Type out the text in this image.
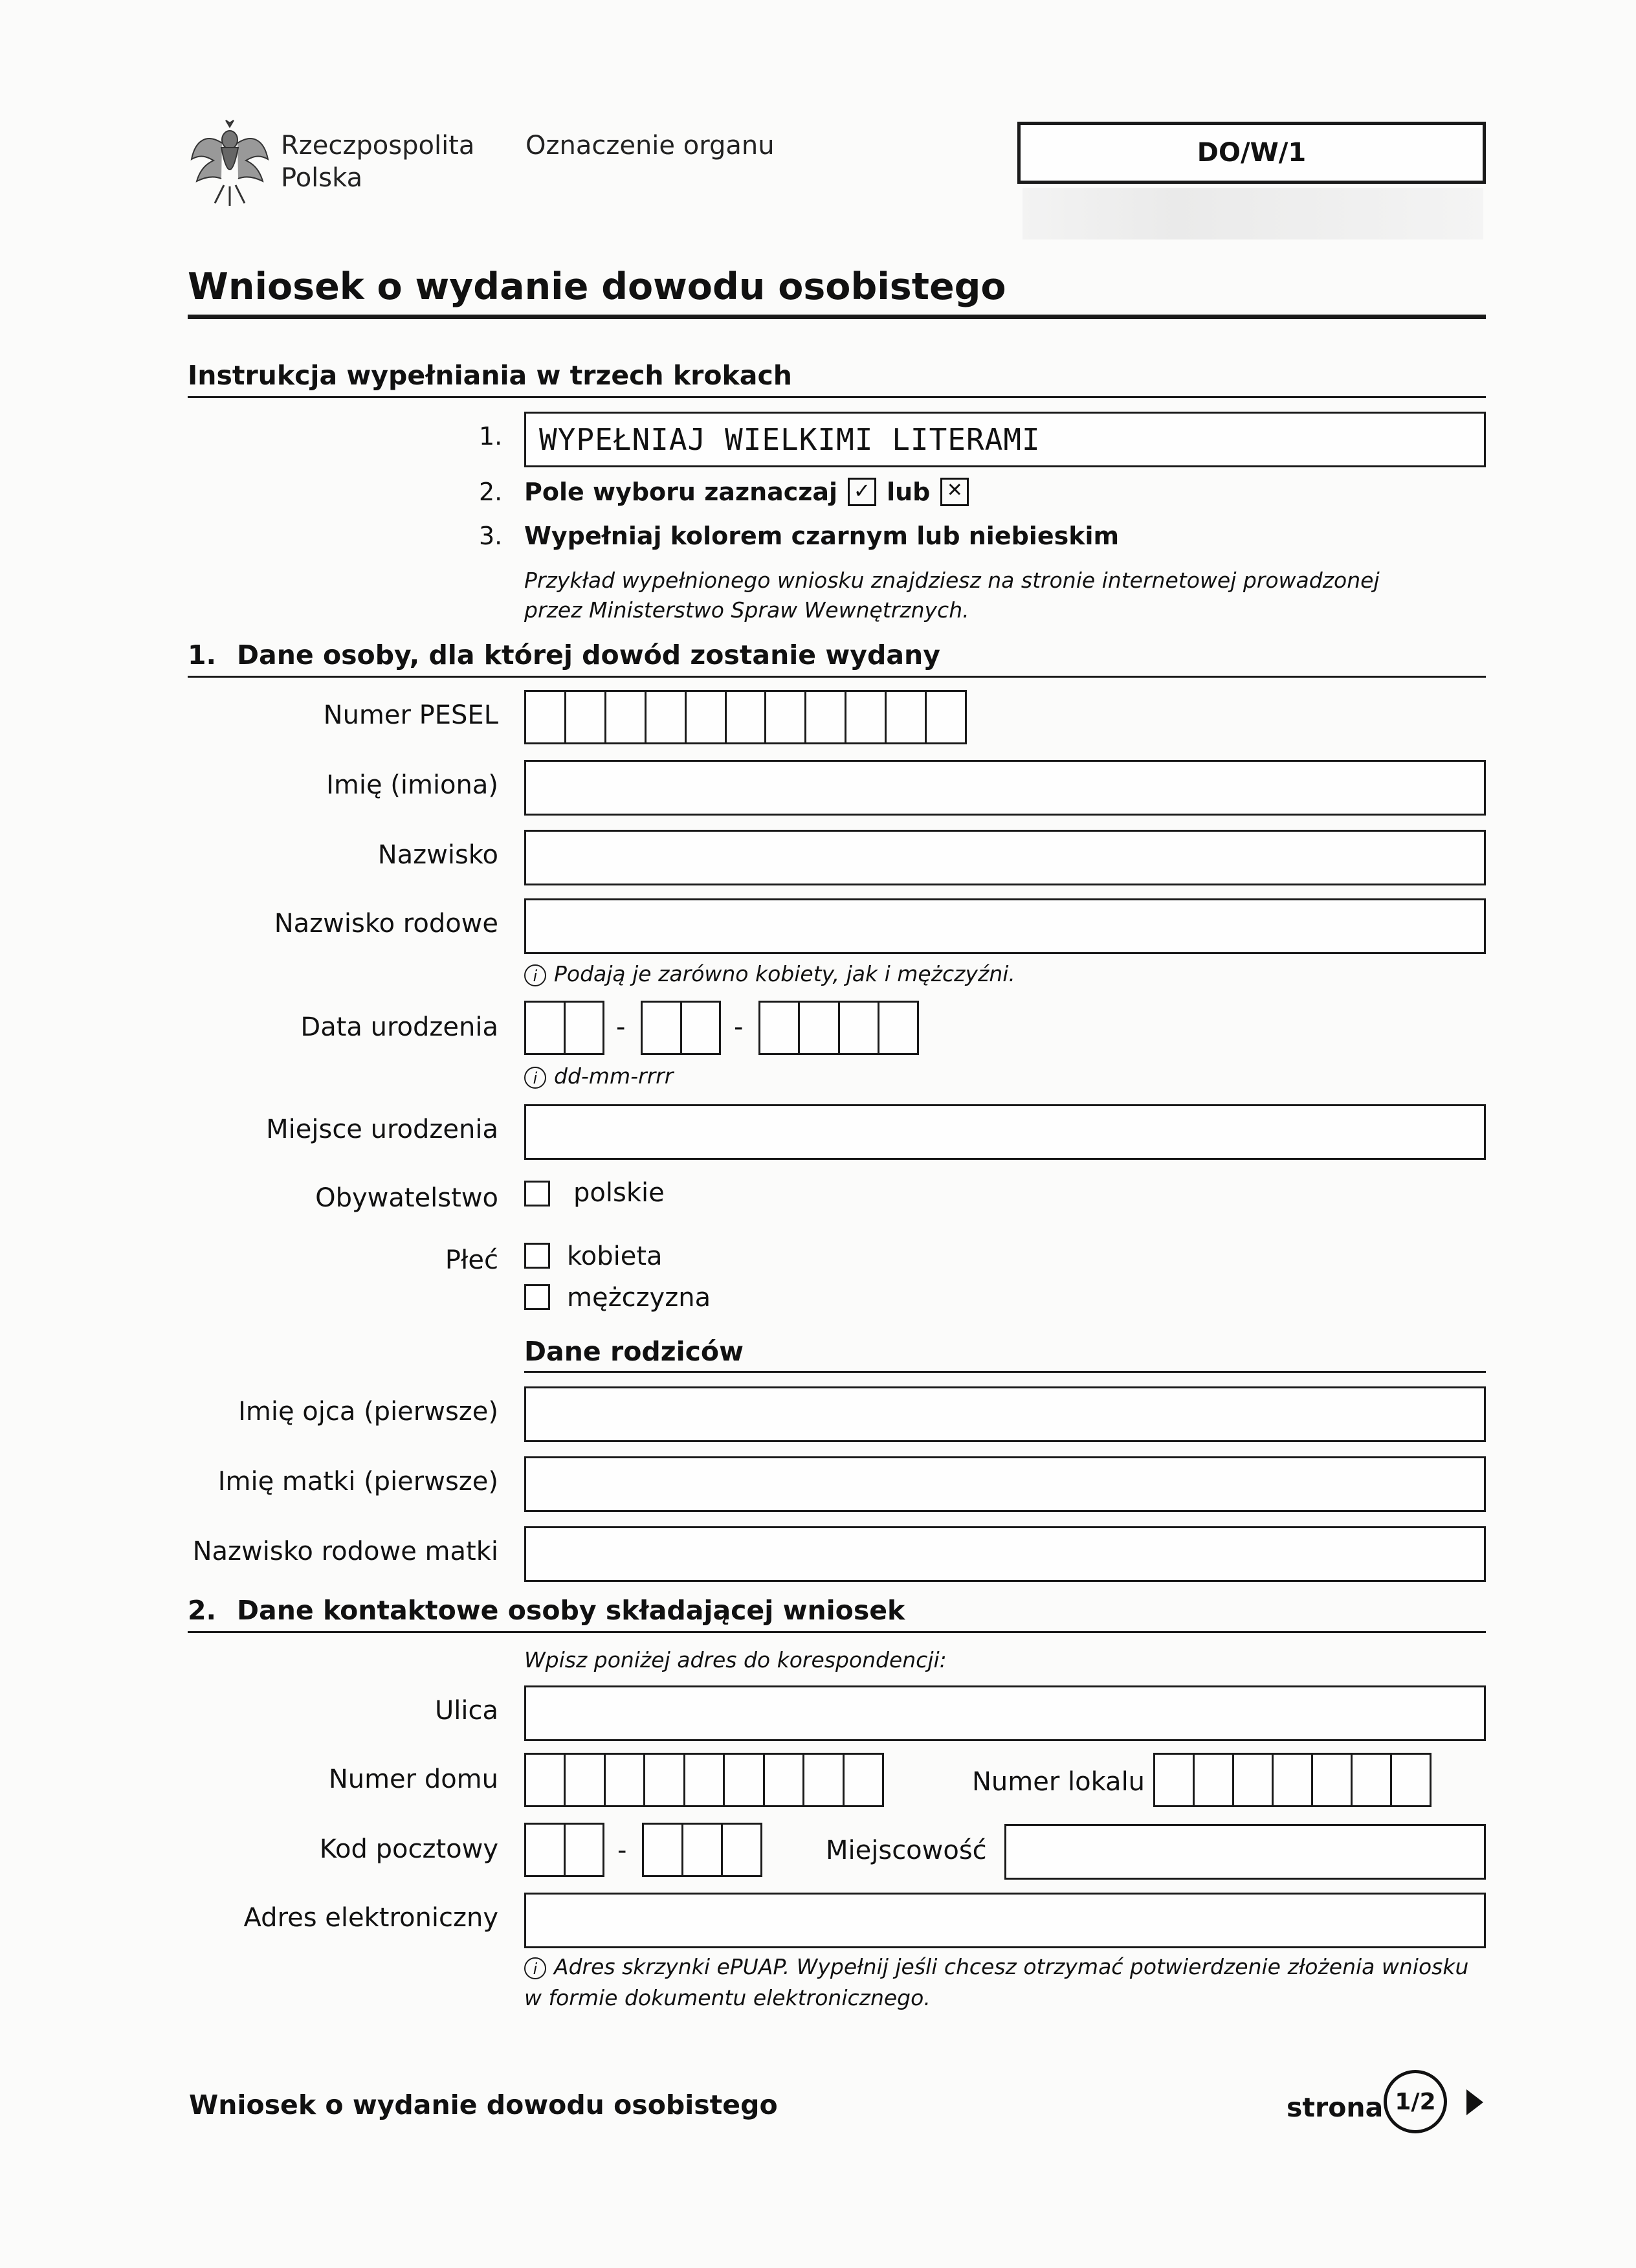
Rzeczpospolita
Polska
Oznaczenie organu	DO/W/1
Wniosek o wydanie dowodu osobistego
Instrukcja wypełniania w trzech krokach
1. WYPEŁNIAJ WIELKIMI LITERAMI
2. Pole wyboru zaznaczaj ✓ lub ✕
3. Wypełniaj kolorem czarnym lub niebieskim
Przykład wypełnionego wniosku znajdziesz na stronie internetowej prowadzonej
przez Ministerstwo Spraw Wewnętrznych.
1. Dane osoby, dla której dowód zostanie wydany
Numer PESEL
Imię (imiona)
Nazwisko
Nazwisko rodowe
i Podają je zarówno kobiety, jak i mężczyźni.
Data urodzenia	-	-
i dd-mm-rrrr
Miejsce urodzenia
Obywatelstwo	polskie
Płeć	kobieta
mężczyzna
Dane rodziców
Imię ojca (pierwsze)
Imię matki (pierwsze)
Nazwisko rodowe matki
2. Dane kontaktowe osoby składającej wniosek
Wpisz poniżej adres do korespondencji:
Ulica
Numer domu	Numer lokalu
Kod pocztowy	-	Miejscowość
Adres elektroniczny
i Adres skrzynki ePUAP. Wypełnij jeśli chcesz otrzymać potwierdzenie złożenia wniosku
w formie dokumentu elektronicznego.
Wniosek o wydanie dowodu osobistego	strona 1/2
